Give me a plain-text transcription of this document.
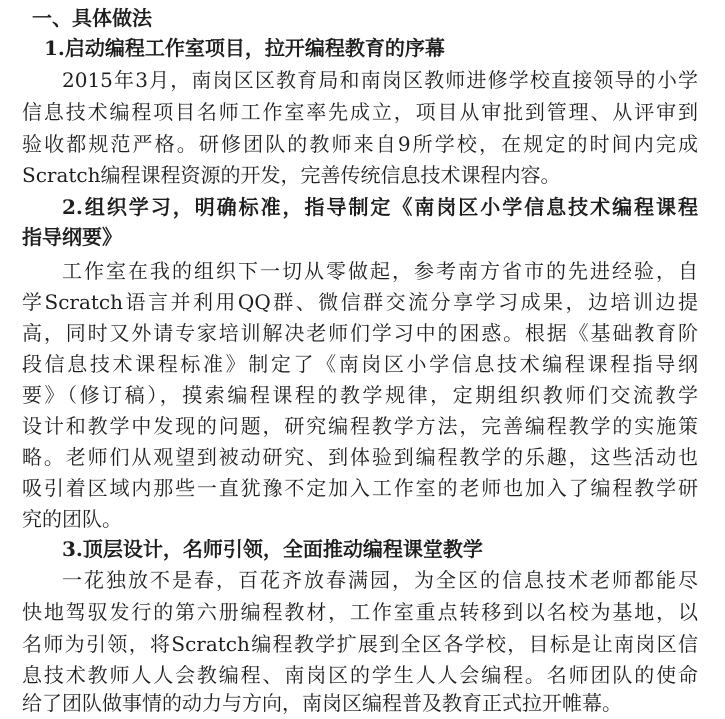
一、具体做法
1.启动编程工作室项目，拉开编程教育的序幕
2015年3月，南岗区区教育局和南岗区教师进修学校直接领导的小学
信息技术编程项目名师工作室率先成立，项目从审批到管理、从评审到
验收都规范严格。研修团队的教师来自9所学校，在规定的时间内完成
Scratch编程课程资源的开发，完善传统信息技术课程内容。
2.组织学习，明确标准，指导制定《南岗区小学信息技术编程课程
指导纲要》
工作室在我的组织下一切从零做起，参考南方省市的先进经验，自
学Scratch语言并利用QQ群、微信群交流分享学习成果，边培训边提
高，同时又外请专家培训解决老师们学习中的困惑。根据《基础教育阶
段信息技术课程标准》制定了《南岗区小学信息技术编程课程指导纲
要》（修订稿），摸索编程课程的教学规律，定期组织教师们交流教学
设计和教学中发现的问题，研究编程教学方法，完善编程教学的实施策
略。老师们从观望到被动研究、到体验到编程教学的乐趣，这些活动也
吸引着区域内那些一直犹豫不定加入工作室的老师也加入了编程教学研
究的团队。
3.顶层设计，名师引领，全面推动编程课堂教学
一花独放不是春，百花齐放春满园，为全区的信息技术老师都能尽
快地驾驭发行的第六册编程教材，工作室重点转移到以名校为基地，以
名师为引领，将Scratch编程教学扩展到全区各学校，目标是让南岗区信
息技术教师人人会教编程、南岗区的学生人人会编程。名师团队的使命
给了团队做事情的动力与方向，南岗区编程普及教育正式拉开帷幕。
